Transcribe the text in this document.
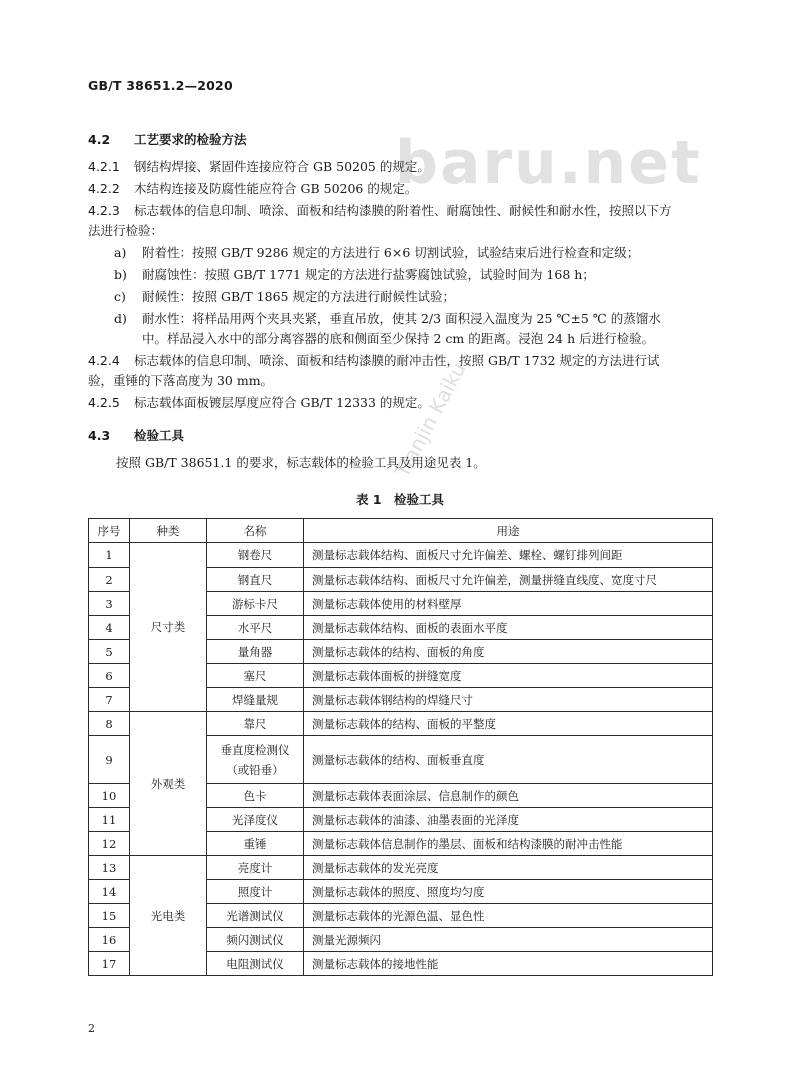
baru.net
Tianjin Kaiku
GB/T 38651.2—2020
4.2 工艺要求的检验方法
4.2.1 钢结构焊接、紧固件连接应符合 GB 50205 的规定。
4.2.2 木结构连接及防腐性能应符合 GB 50206 的规定。
4.2.3 标志载体的信息印制、喷涂、面板和结构漆膜的附着性、耐腐蚀性、耐候性和耐水性，按照以下方
法进行检验：
a) 附着性：按照 GB/T 9286 规定的方法进行 6×6 切割试验，试验结束后进行检查和定级；
b) 耐腐蚀性：按照 GB/T 1771 规定的方法进行盐雾腐蚀试验，试验时间为 168 h；
c) 耐候性：按照 GB/T 1865 规定的方法进行耐候性试验；
d) 耐水性：将样品用两个夹具夹紧，垂直吊放，使其 2/3 面积浸入温度为 25 ℃±5 ℃ 的蒸馏水
中。样品浸入水中的部分离容器的底和侧面至少保持 2 cm 的距离。浸泡 24 h 后进行检验。
4.2.4 标志载体的信息印制、喷涂、面板和结构漆膜的耐冲击性，按照 GB/T 1732 规定的方法进行试
验，重锤的下落高度为 30 mm。
4.2.5 标志载体面板镀层厚度应符合 GB/T 12333 的规定。
4.3 检验工具
按照 GB/T 38651.1 的要求，标志载体的检验工具及用途见表 1。
表 1　检验工具
序号	种类	名称	用途
1	尺寸类	钢卷尺	测量标志载体结构、面板尺寸允许偏差、螺栓、螺钉排列间距
2		钢直尺	测量标志载体结构、面板尺寸允许偏差，测量拼缝直线度、宽度寸尺
3		游标卡尺	测量标志载体使用的材料壁厚
4		水平尺	测量标志载体结构、面板的表面水平度
5		量角器	测量标志载体的结构、面板的角度
6		塞尺	测量标志载体面板的拼缝宽度
7		焊缝量规	测量标志载体钢结构的焊缝尺寸
8	外观类	靠尺	测量标志载体的结构、面板的平整度
9		垂直度检测仪
（或铅垂）	测量标志载体的结构、面板垂直度
10		色卡	测量标志载体表面涂层、信息制作的颜色
11		光泽度仪	测量标志载体的油漆、油墨表面的光泽度
12		重锤	测量标志载体信息制作的墨层、面板和结构漆膜的耐冲击性能
13	光电类	亮度计	测量标志载体的发光亮度
14		照度计	测量标志载体的照度、照度均匀度
15		光谱测试仪	测量标志载体的光源色温、显色性
16		频闪测试仪	测量光源频闪
17		电阻测试仪	测量标志载体的接地性能
2
